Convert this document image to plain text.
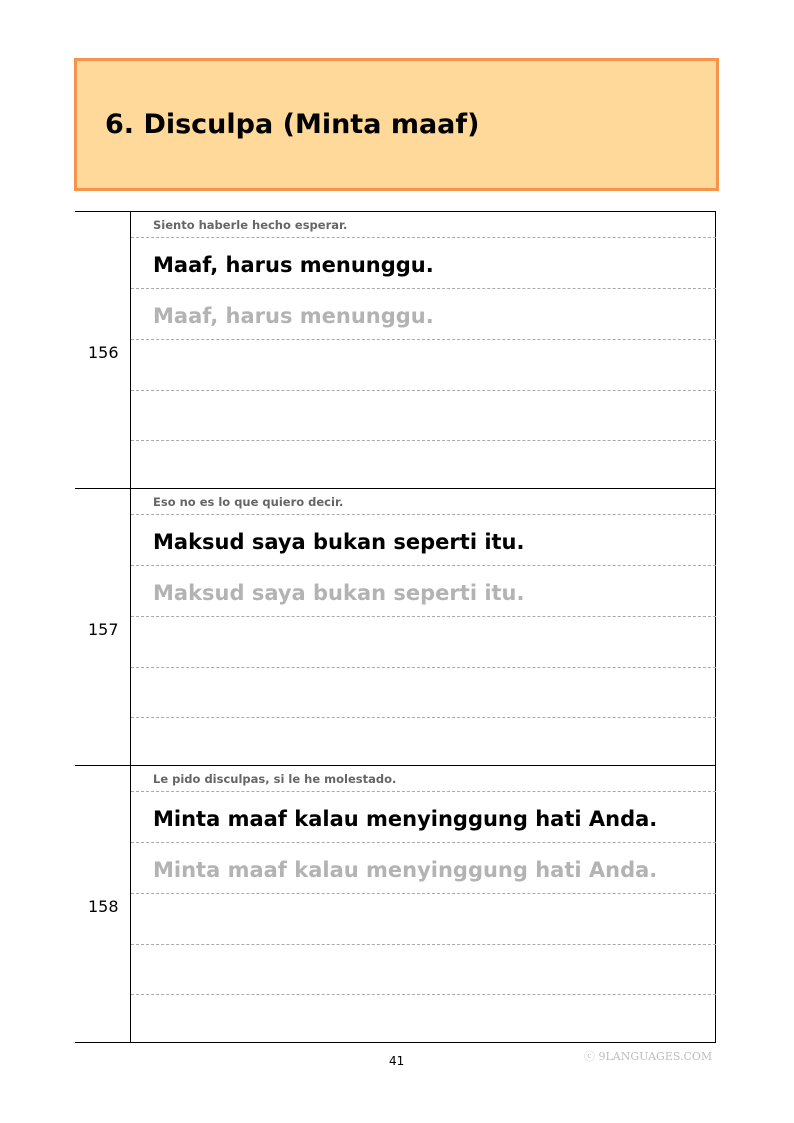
6. Disculpa (Minta maaf)
156
Siento haberle hecho esperar.
Maaf, harus menunggu.
Maaf, harus menunggu.
157
Eso no es lo que quiero decir.
Maksud saya bukan seperti itu.
Maksud saya bukan seperti itu.
158
Le pido disculpas, si le he molestado.
Minta maaf kalau menyinggung hati Anda.
Minta maaf kalau menyinggung hati Anda.
41	ⓒ 9LANGUAGES.COM
